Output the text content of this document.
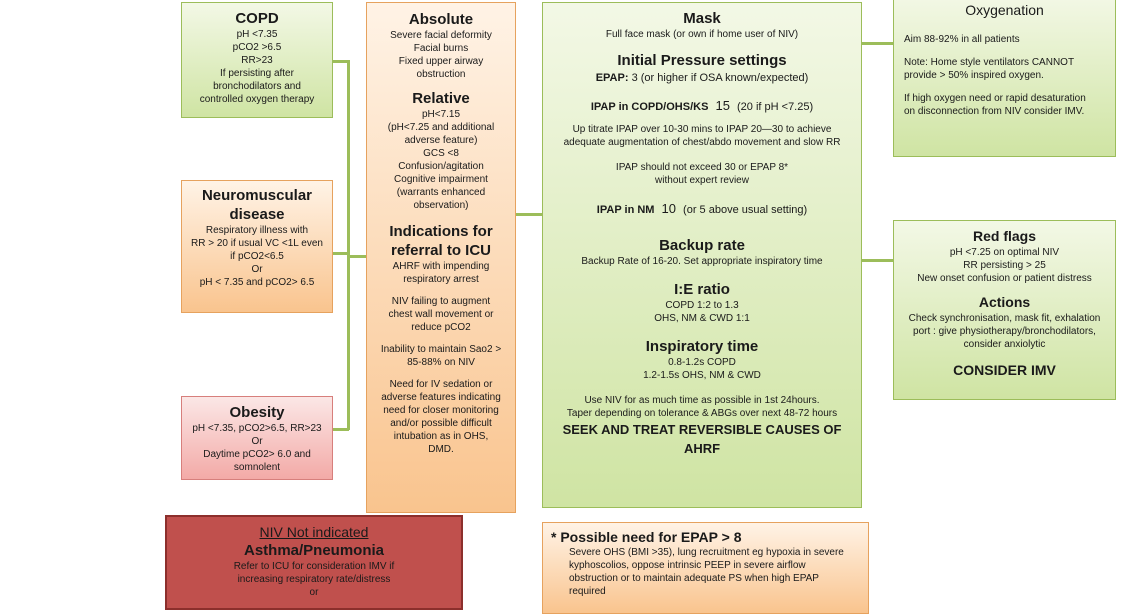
COPD

pH <7.35

pCO2 >6.5

RR>23

If persisting after

bronchodilators and

controlled oxygen therapy

Neuromuscular

disease

Respiratory illness with

RR > 20 if usual VC <1L even

if pCO2<6.5

Or

pH < 7.35 and pCO2> 6.5

Obesity

pH <7.35, pCO2>6.5, RR>23

Or

Daytime pCO2> 6.0 and

somnolent

NIV Not indicated

Asthma/Pneumonia

Refer to ICU for consideration IMV if

increasing respiratory rate/distress

or

Absolute

Severe facial deformity

Facial burns

Fixed upper airway

obstruction

Relative

pH<7.15

(pH<7.25 and additional

adverse feature)

GCS <8

Confusion/agitation

Cognitive impairment

(warrants enhanced

observation)

Indications for

referral to ICU

AHRF with impending

respiratory arrest

NIV failing to augment

chest wall movement or

reduce pCO2

Inability to maintain Sao2 >

85-88% on NIV

Need for IV sedation or

adverse features indicating

need for closer monitoring

and/or possible difficult

intubation as in OHS,

DMD.

Mask

Full face mask (or own if home user of NIV)

Initial Pressure settings

EPAP: 3 (or higher if OSA known/expected)

IPAP in COPD/OHS/KS 15 (20 if pH <7.25)

Up titrate IPAP over 10-30 mins to IPAP 20—30 to achieve

adequate augmentation of chest/abdo movement and slow RR

IPAP should not exceed 30 or EPAP 8*

without expert review

IPAP in NM 10 (or 5 above usual setting)

Backup rate

Backup Rate of 16-20. Set appropriate inspiratory time

I:E ratio

COPD 1:2 to 1.3

OHS, NM & CWD 1:1

Inspiratory time

0.8-1.2s COPD

1.2-1.5s OHS, NM & CWD

Use NIV for as much time as possible in 1st 24hours.

Taper depending on tolerance & ABGs over next 48-72 hours

SEEK AND TREAT REVERSIBLE CAUSES OF

AHRF

Oxygenation

Aim 88-92% in all patients

Note: Home style ventilators CANNOT

provide > 50% inspired oxygen.

If high oxygen need or rapid desaturation

on disconnection from NIV consider IMV.

Red flags

pH <7.25 on optimal NIV

RR persisting > 25

New onset confusion or patient distress

Actions

Check synchronisation, mask fit, exhalation

port : give physiotherapy/bronchodilators,

consider anxiolytic

CONSIDER IMV

* Possible need for EPAP > 8

Severe OHS (BMI >35), lung recruitment eg hypoxia in severe

kyphoscolios, oppose intrinsic PEEP in severe airflow

obstruction or to maintain adequate PS when high EPAP

required
